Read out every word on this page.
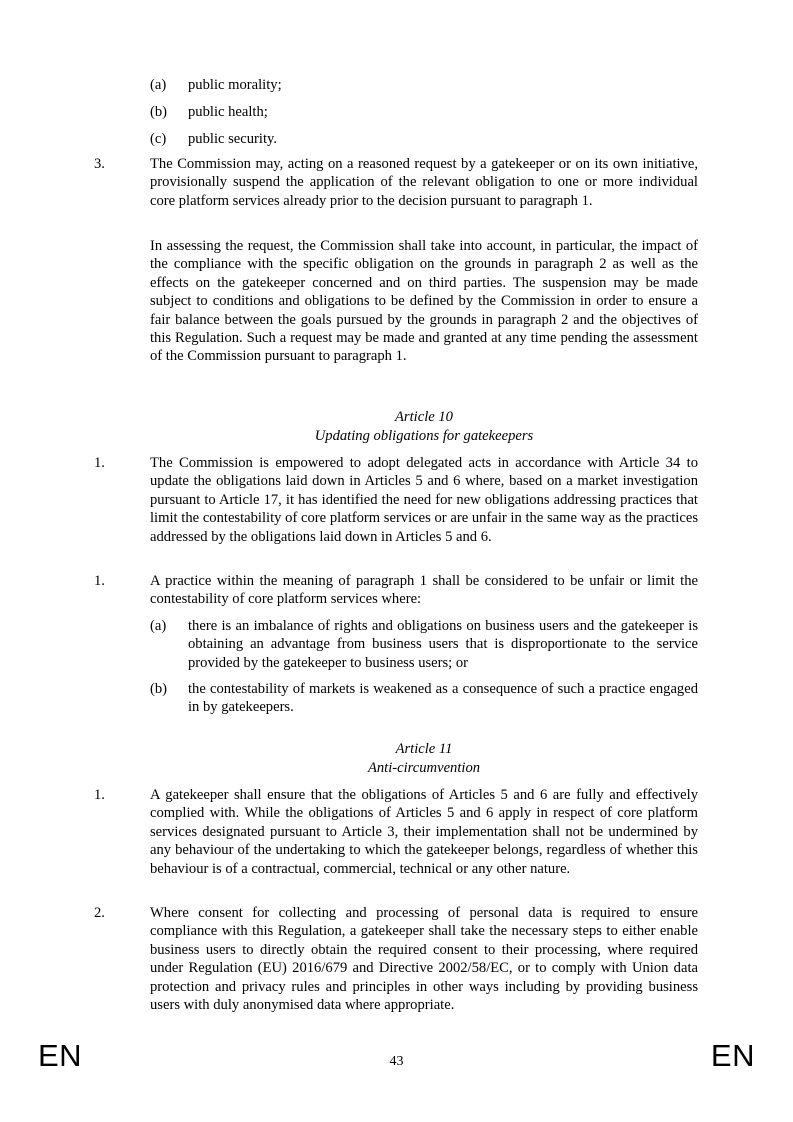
(a) public morality;

(b) public health;

(c) public security.

3.	The Commission may, acting on a reasoned request by a gatekeeper or on its own initiative, provisionally suspend the application of the relevant obligation to one or more individual core platform services already prior to the decision pursuant to paragraph 1.

In assessing the request, the Commission shall take into account, in particular, the impact of the compliance with the specific obligation on the grounds in paragraph 2 as well as the effects on the gatekeeper concerned and on third parties. The suspension may be made subject to conditions and obligations to be defined by the Commission in order to ensure a fair balance between the goals pursued by the grounds in paragraph 2 and the objectives of this Regulation. Such a request may be made and granted at any time pending the assessment of the Commission pursuant to paragraph 1.

Article 10
Updating obligations for gatekeepers
1.	The Commission is empowered to adopt delegated acts in accordance with Article 34 to update the obligations laid down in Articles 5 and 6 where, based on a market investigation pursuant to Article 17, it has identified the need for new obligations addressing practices that limit the contestability of core platform services or are unfair in the same way as the practices addressed by the obligations laid down in Articles 5 and 6.

1.	A practice within the meaning of paragraph 1 shall be considered to be unfair or limit the contestability of core platform services where:

(a) there is an imbalance of rights and obligations on business users and the gatekeeper is obtaining an advantage from business users that is disproportionate to the service provided by the gatekeeper to business users; or

(b) the contestability of markets is weakened as a consequence of such a practice engaged in by gatekeepers.

Article 11
Anti-circumvention
1.	A gatekeeper shall ensure that the obligations of Articles 5 and 6 are fully and effectively complied with. While the obligations of Articles 5 and 6 apply in respect of core platform services designated pursuant to Article 3, their implementation shall not be undermined by any behaviour of the undertaking to which the gatekeeper belongs, regardless of whether this behaviour is of a contractual, commercial, technical or any other nature.

2.	Where consent for collecting and processing of personal data is required to ensure compliance with this Regulation, a gatekeeper shall take the necessary steps to either enable business users to directly obtain the required consent to their processing, where required under Regulation (EU) 2016/679 and Directive 2002/58/EC, or to comply with Union data protection and privacy rules and principles in other ways including by providing business users with duly anonymised data where appropriate.

EN	43	EN
